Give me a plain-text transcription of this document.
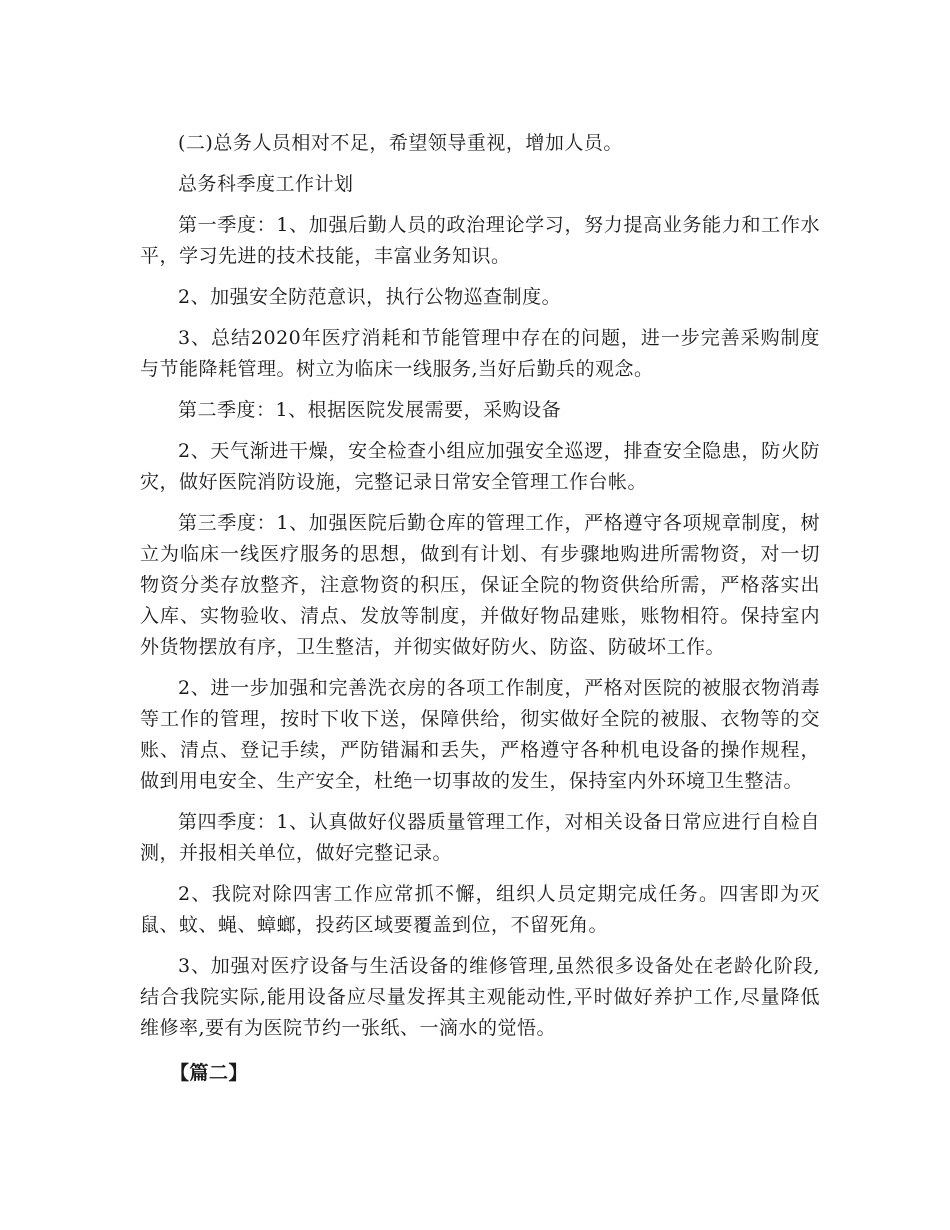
(二)总务人员相对不足，希望领导重视，增加人员。

总务科季度工作计划

第一季度：1、加强后勤人员的政治理论学习，努力提高业务能力和工作水平，学习先进的技术技能，丰富业务知识。

2、加强安全防范意识，执行公物巡查制度。

3、总结2020年医疗消耗和节能管理中存在的问题，进一步完善采购制度与节能降耗管理。树立为临床一线服务,当好后勤兵的观念。

第二季度：1、根据医院发展需要，采购设备

2、天气渐进干燥，安全检查小组应加强安全巡逻，排查安全隐患，防火防灾，做好医院消防设施，完整记录日常安全管理工作台帐。

第三季度：1、加强医院后勤仓库的管理工作，严格遵守各项规章制度，树立为临床一线医疗服务的思想，做到有计划、有步骤地购进所需物资，对一切物资分类存放整齐，注意物资的积压，保证全院的物资供给所需，严格落实出入库、实物验收、清点、发放等制度，并做好物品建账，账物相符。保持室内外货物摆放有序，卫生整洁，并彻实做好防火、防盗、防破坏工作。

2、进一步加强和完善洗衣房的各项工作制度，严格对医院的被服衣物消毒等工作的管理，按时下收下送，保障供给，彻实做好全院的被服、衣物等的交账、清点、登记手续，严防错漏和丢失，严格遵守各种机电设备的操作规程，做到用电安全、生产安全，杜绝一切事故的发生，保持室内外环境卫生整洁。

第四季度：1、认真做好仪器质量管理工作，对相关设备日常应进行自检自测，并报相关单位，做好完整记录。

2、我院对除四害工作应常抓不懈，组织人员定期完成任务。四害即为灭鼠、蚊、蝇、蟑螂，投药区域要覆盖到位，不留死角。

3、加强对医疗设备与生活设备的维修管理,虽然很多设备处在老龄化阶段,结合我院实际,能用设备应尽量发挥其主观能动性,平时做好养护工作,尽量降低维修率,要有为医院节约一张纸、一滴水的觉悟。

【篇二】
